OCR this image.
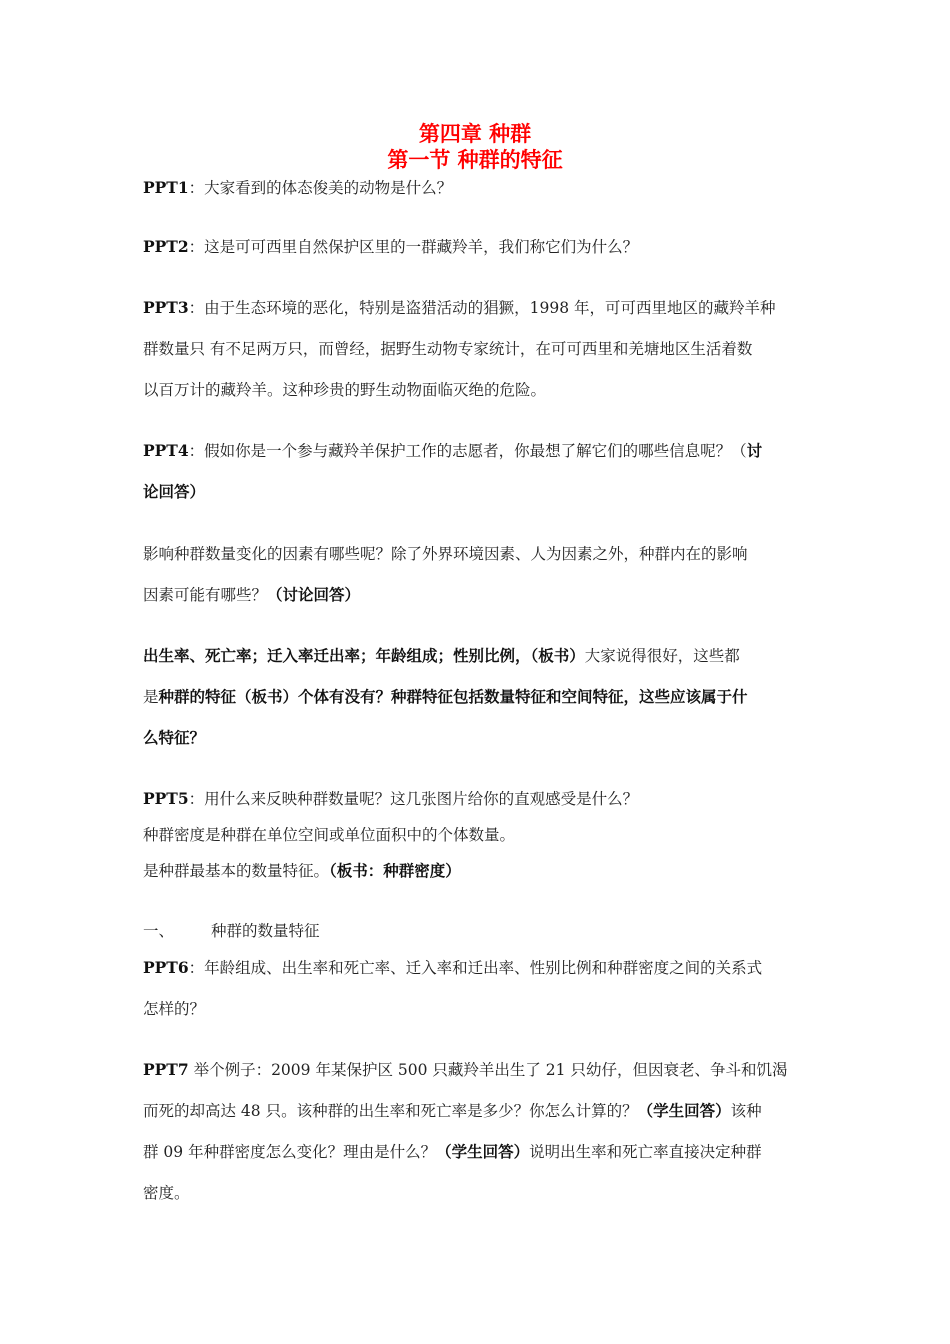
第四章 种群
第一节 种群的特征
PPT1：大家看到的体态俊美的动物是什么？
PPT2：这是可可西里自然保护区里的一群藏羚羊，我们称它们为什么？
PPT3：由于生态环境的恶化，特别是盗猎活动的猖獗，1998 年，可可西里地区的藏羚羊种
群数量只 有不足两万只，而曾经，据野生动物专家统计，在可可西里和羌塘地区生活着数
以百万计的藏羚羊。这种珍贵的野生动物面临灭绝的危险。
PPT4：假如你是一个参与藏羚羊保护工作的志愿者，你最想了解它们的哪些信息呢？（讨
论回答）
影响种群数量变化的因素有哪些呢？除了外界环境因素、人为因素之外，种群内在的影响
因素可能有哪些？（讨论回答）
出生率、死亡率；迁入率迁出率；年龄组成；性别比例，（板书）大家说得很好，这些都
是种群的特征（板书）个体有没有？种群特征包括数量特征和空间特征，这些应该属于什
么特征？
PPT5：用什么来反映种群数量呢？这几张图片给你的直观感受是什么？
种群密度是种群在单位空间或单位面积中的个体数量。
是种群最基本的数量特征。（板书：种群密度）
一、 种群的数量特征
PPT6：年龄组成、出生率和死亡率、迁入率和迁出率、性别比例和种群密度之间的关系式
怎样的？
PPT7 举个例子：2009 年某保护区 500 只藏羚羊出生了 21 只幼仔，但因衰老、争斗和饥渴
而死的却高达 48 只。该种群的出生率和死亡率是多少？你怎么计算的？（学生回答）该种
群 09 年种群密度怎么变化？理由是什么？（学生回答）说明出生率和死亡率直接决定种群
密度。
